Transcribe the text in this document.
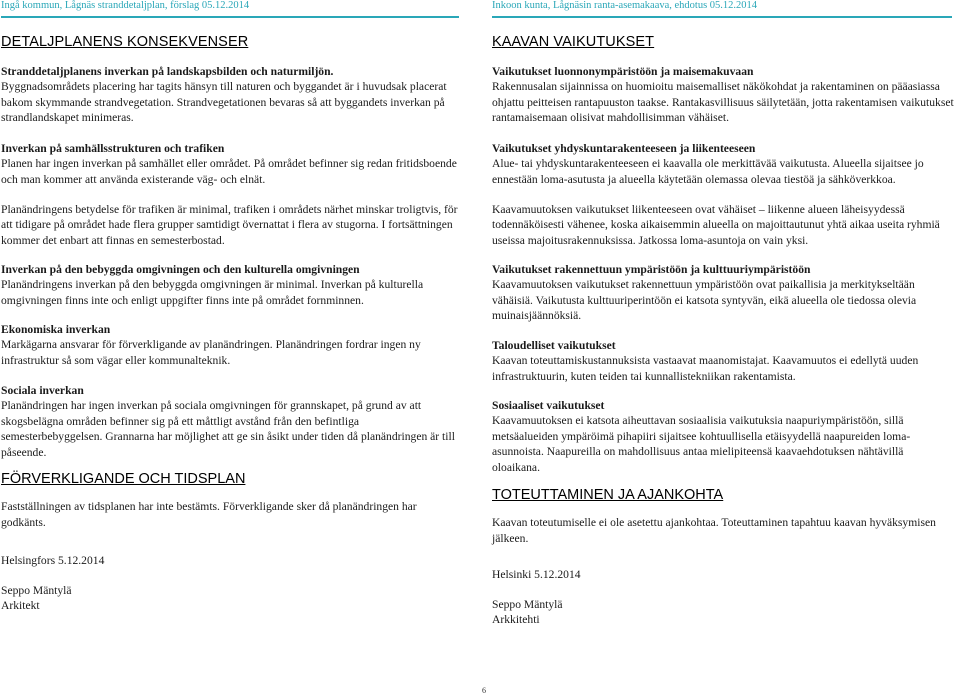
Ingå kommun, Lågnäs stranddetaljplan, förslag 05.12.2014
DETALJPLANENS KONSEKVENSER
Stranddetaljplanens inverkan på landskapsbilden och naturmiljön.

Byggnadsområdets placering har tagits hänsyn till naturen och byggandet är i huvudsak placerat bakom skymmande strandvegetation. Strandvegetationen bevaras så att byggandets inverkan på strandlandskapet minimeras.

Inverkan på samhällsstrukturen och trafiken

Planen har ingen inverkan på samhället eller området. På området befinner sig redan fritidsboende och man kommer att använda existerande väg- och elnät.

Planändringens betydelse för trafiken är minimal, trafiken i områdets närhet minskar troligtvis, för att tidigare på området hade flera grupper samtidigt övernattat i flera av stugorna. I fortsättningen kommer det enbart att finnas en semesterbostad.

Inverkan på den bebyggda omgivningen och den kulturella omgivningen

Planändringens inverkan på den bebyggda omgivningen är minimal. Inverkan på kulturella omgivningen finns inte och enligt uppgifter finns inte på området fornminnen.

Ekonomiska inverkan

Markägarna ansvarar för förverkligande av planändringen. Planändringen fordrar ingen ny infrastruktur så som vägar eller kommunalteknik.

Sociala inverkan

Planändringen har ingen inverkan på sociala omgivningen för grannskapet, på grund av att skogsbelägna områden befinner sig på ett måttligt avstånd från den befintliga semesterbebyggelsen. Grannarna har möjlighet att ge sin åsikt under tiden då planändringen är till påseende.

FÖRVERKLIGANDE OCH TIDSPLAN

Fastställningen av tidsplanen har inte bestämts. Förverkligande sker då planändringen har godkänts.

Helsingfors 5.12.2014
Seppo Mäntylä
Arkitekt
Inkoon kunta, Lågnäsin ranta-asemakaava, ehdotus 05.12.2014
KAAVAN VAIKUTUKSET
Vaikutukset luonnonympäristöön ja maisemakuvaan

Rakennusalan sijainnissa on huomioitu maisemalliset näkökohdat ja rakentaminen on pääasiassa ohjattu peitteisen rantapuuston taakse. Rantakasvillisuus säilytetään, jotta rakentamisen vaikutukset rantamaisemaan olisivat mahdollisimman vähäiset.

Vaikutukset yhdyskuntarakenteeseen ja liikenteeseen

Alue- tai yhdyskuntarakenteeseen ei kaavalla ole merkittävää vaikutusta. Alueella sijaitsee jo ennestään loma-asutusta ja alueella käytetään olemassa olevaa tiestöä ja sähköverkkoa.

Kaavamuutoksen vaikutukset liikenteeseen ovat vähäiset – liikenne alueen läheisyydessä todennäköisesti vähenee, koska aikaisemmin alueella on majoittautunut yhtä aikaa useita ryhmiä useissa majoitusrakennuksissa. Jatkossa loma-asuntoja on vain yksi.

Vaikutukset rakennettuun ympäristöön ja kulttuuriympäristöön

Kaavamuutoksen vaikutukset rakennettuun ympäristöön ovat paikallisia ja merkitykseltään vähäisiä. Vaikutusta kulttuuriperintöön ei katsota syntyvän, eikä alueella ole tiedossa olevia muinaisjäännöksiä.

Taloudelliset vaikutukset

Kaavan toteuttamiskustannuksista vastaavat maanomistajat. Kaavamuutos ei edellytä uuden infrastruktuurin, kuten teiden tai kunnallistekniikan rakentamista.

Sosiaaliset vaikutukset

Kaavamuutoksen ei katsota aiheuttavan sosiaalisia vaikutuksia naapuriympäristöön, sillä metsäalueiden ympäröimä pihapiiri sijaitsee kohtuullisella etäisyydellä naapureiden loma-asunnoista. Naapureilla on mahdollisuus antaa mielipiteensä kaavaehdotuksen nähtävillä oloaikana.

TOTEUTTAMINEN JA AJANKOHTA

Kaavan toteutumiselle ei ole asetettu ajankohtaa. Toteuttaminen tapahtuu kaavan hyväksymisen jälkeen.

Helsinki 5.12.2014
Seppo Mäntylä
Arkkitehti
6
